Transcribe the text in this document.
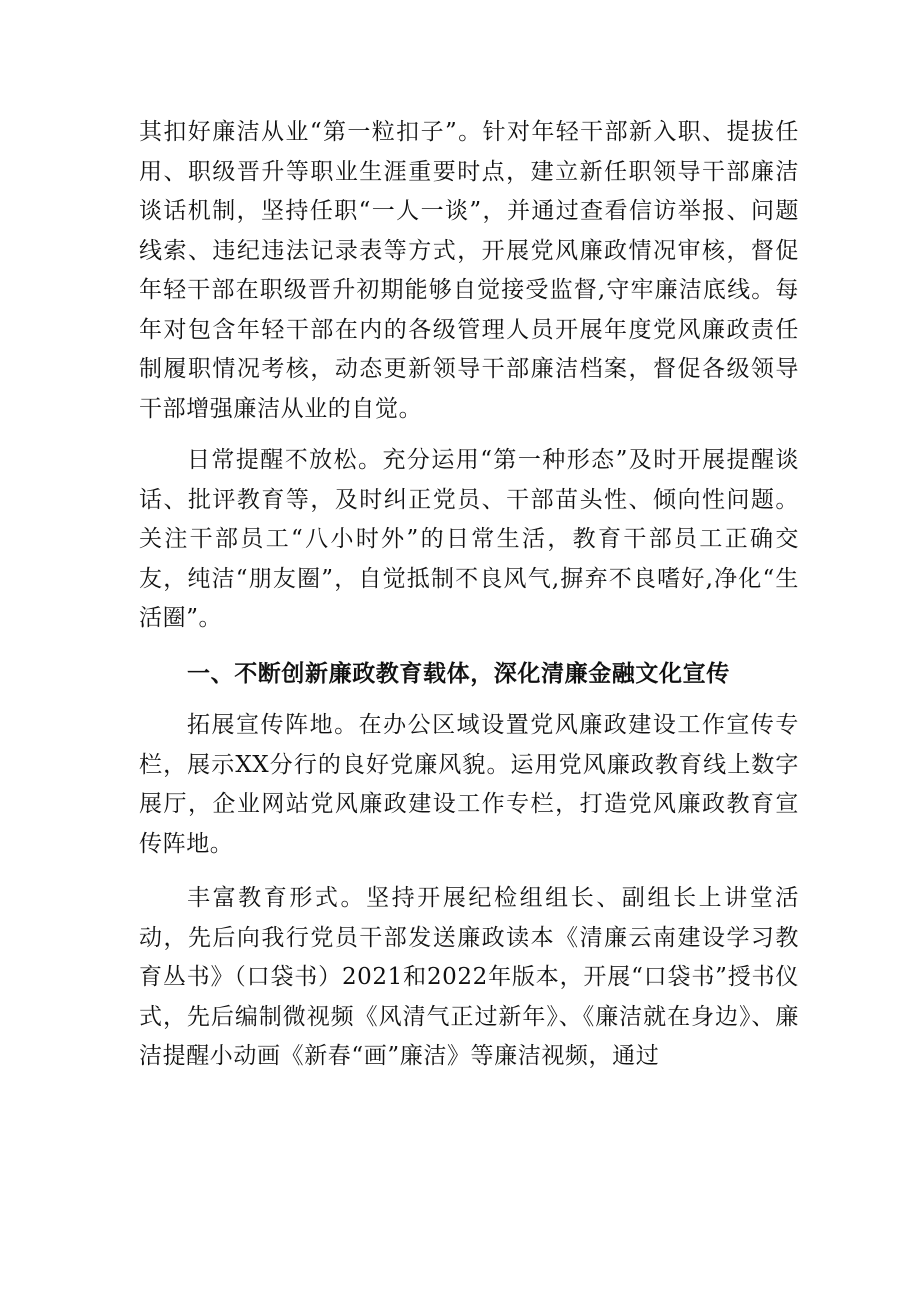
其扣好廉洁从业“第一粒扣子”。针对年轻干部新入职、提拔任用、职级晋升等职业生涯重要时点，建立新任职领导干部廉洁谈话机制，坚持任职“一人一谈”，并通过查看信访举报、问题线索、违纪违法记录表等方式，开展党风廉政情况审核，督促年轻干部在职级晋升初期能够自觉接受监督,守牢廉洁底线。每年对包含年轻干部在内的各级管理人员开展年度党风廉政责任制履职情况考核，动态更新领导干部廉洁档案，督促各级领导干部增强廉洁从业的自觉。

日常提醒不放松。充分运用“第一种形态”及时开展提醒谈话、批评教育等，及时纠正党员、干部苗头性、倾向性问题。关注干部员工“八小时外”的日常生活，教育干部员工正确交友，纯洁“朋友圈”，自觉抵制不良风气,摒弃不良嗜好,净化“生活圈”。

一、不断创新廉政教育载体，深化清廉金融文化宣传

拓展宣传阵地。在办公区域设置党风廉政建设工作宣传专栏，展示XX分行的良好党廉风貌。运用党风廉政教育线上数字展厅，企业网站党风廉政建设工作专栏，打造党风廉政教育宣传阵地。

丰富教育形式。坚持开展纪检组组长、副组长上讲堂活动，先后向我行党员干部发送廉政读本《清廉云南建设学习教育丛书》（口袋书）2021和2022年版本，开展“口袋书”授书仪式，先后编制微视频《风清气正过新年》、《廉洁就在身边》、廉洁提醒小动画《新春“画”廉洁》等廉洁视频，通过
